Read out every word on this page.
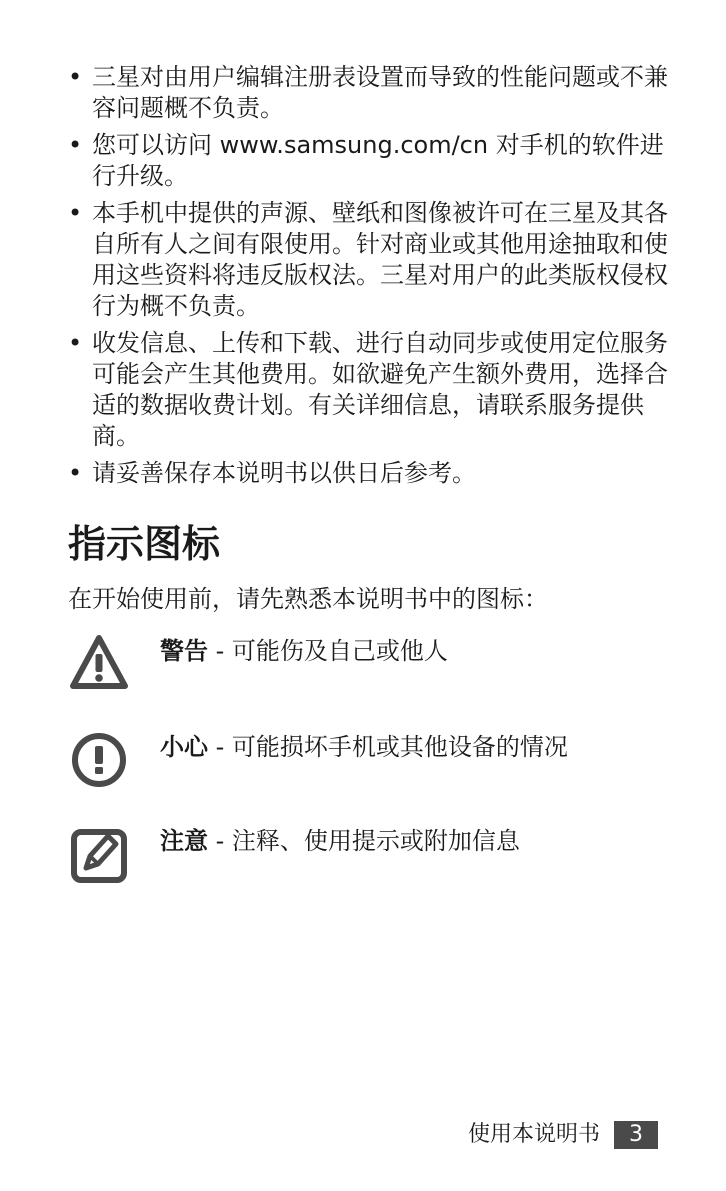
• 三星对由用户编辑注册表设置而导致的性能问题或不兼容问题概不负责。
• 您可以访问 www.samsung.com/cn 对手机的软件进行升级。
• 本手机中提供的声源、壁纸和图像被许可在三星及其各自所有人之间有限使用。针对商业或其他用途抽取和使用这些资料将违反版权法。三星对用户的此类版权侵权行为概不负责。
• 收发信息、上传和下载、进行自动同步或使用定位服务可能会产生其他费用。如欲避免产生额外费用，选择合适的数据收费计划。有关详细信息，请联系服务提供商。
• 请妥善保存本说明书以供日后参考。
指示图标

在开始使用前，请先熟悉本说明书中的图标：

警告 - 可能伤及自己或他人
小心 - 可能损坏手机或其他设备的情况
注意 - 注释、使用提示或附加信息
使用本说明书	3
